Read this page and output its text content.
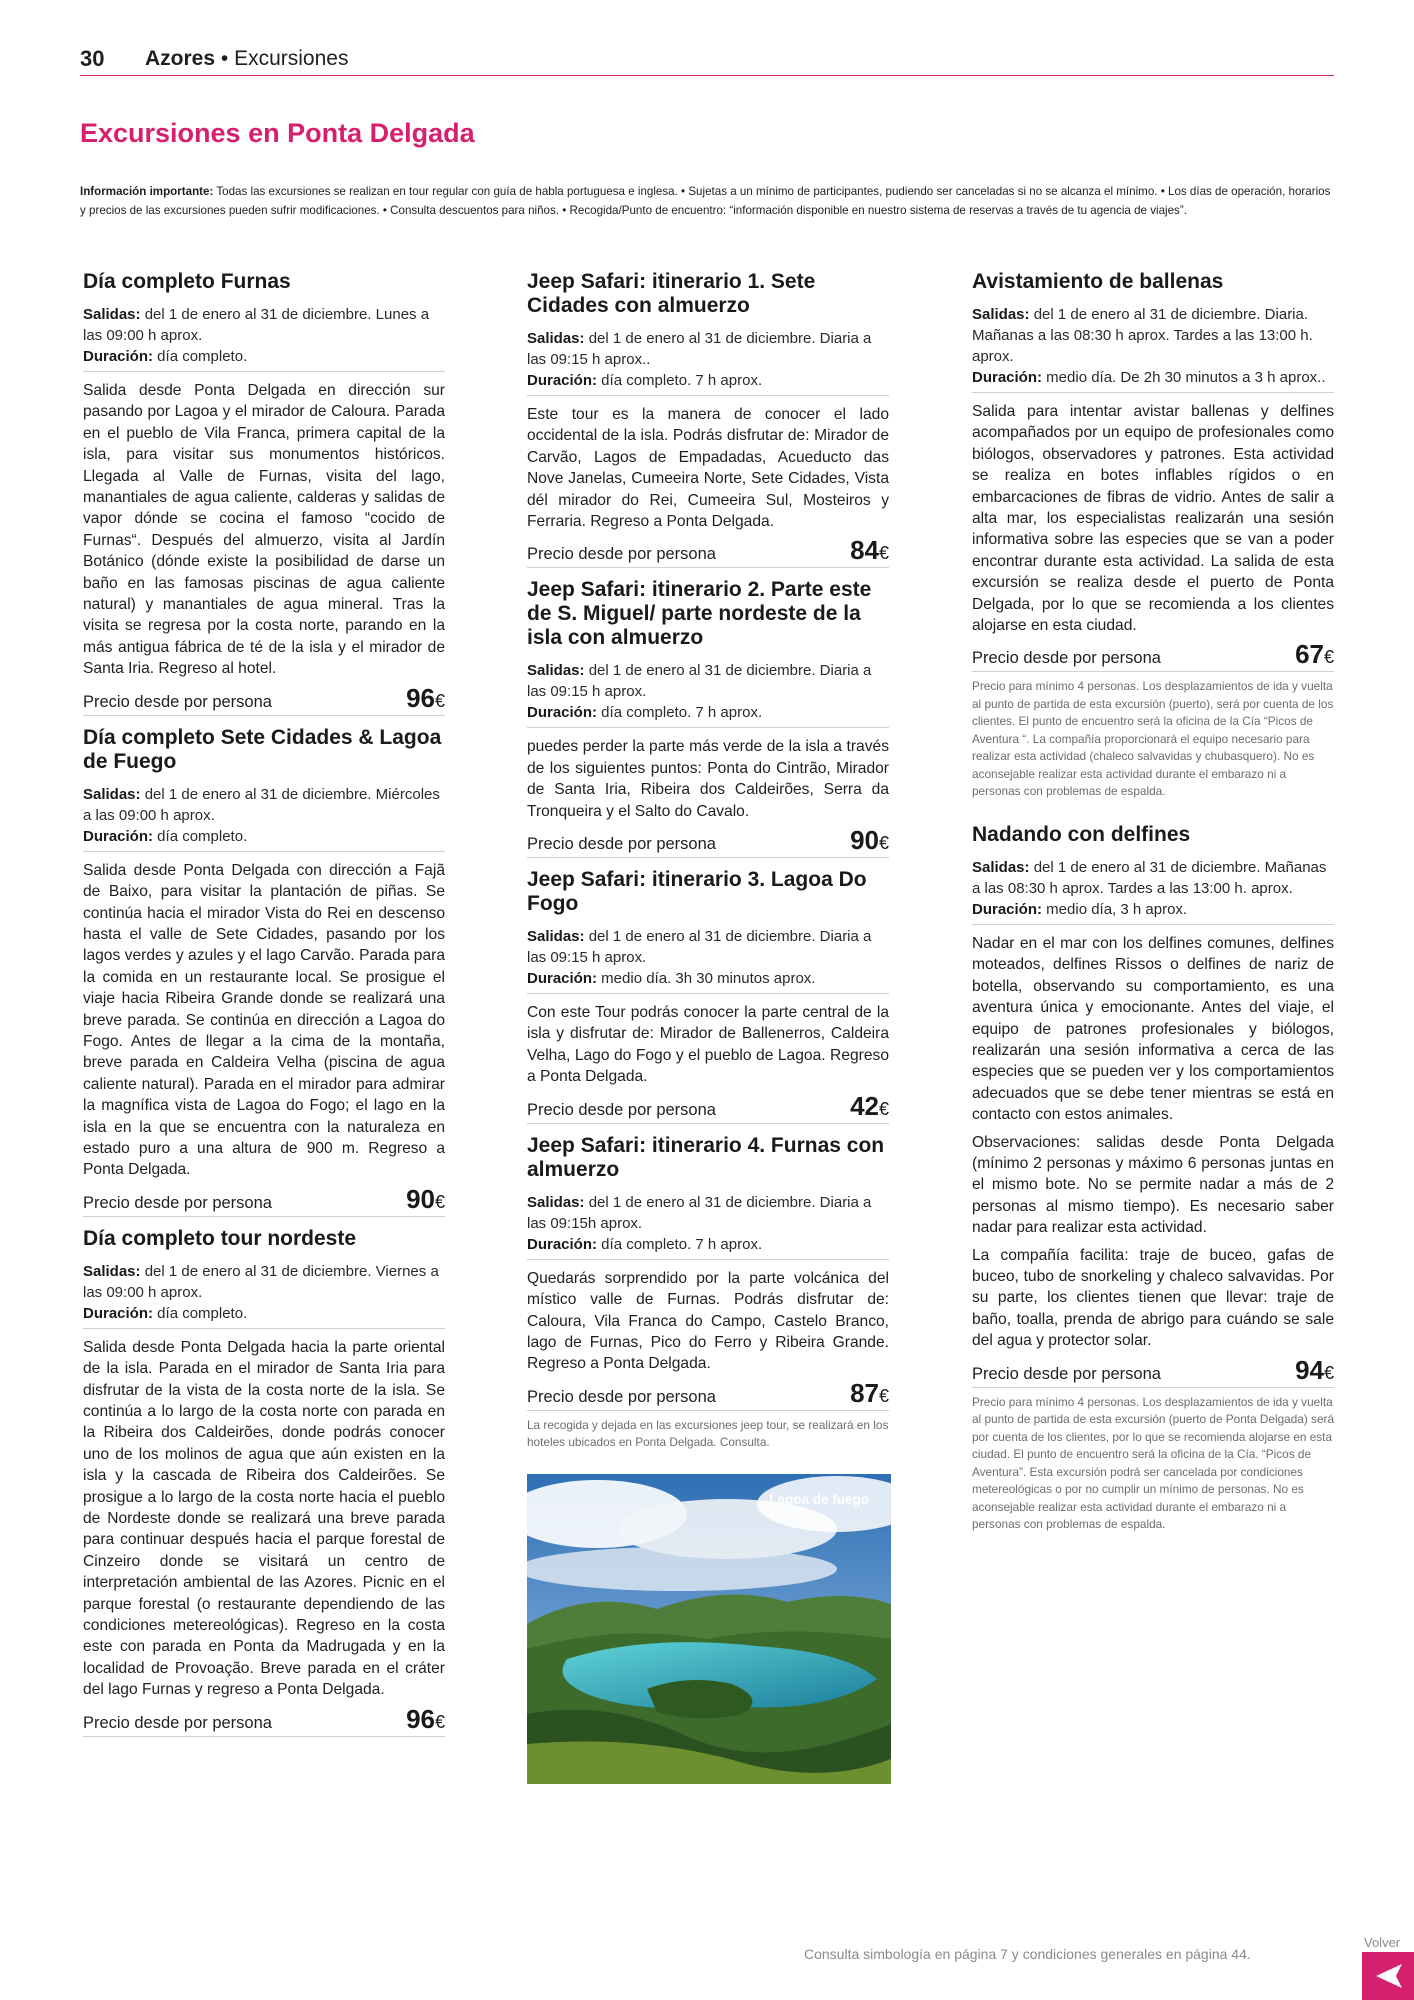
30 Azores • Excursiones
Excursiones en Ponta Delgada

Información importante: Todas las excursiones se realizan en tour regular con guía de habla portuguesa e inglesa. • Sujetas a un mínimo de participantes, pudiendo ser canceladas si no se alcanza el mínimo. • Los días de operación, horarios y precios de las excursiones pueden sufrir modificaciones. • Consulta descuentos para niños. • Recogida/Punto de encuentro: “información disponible en nuestro sistema de reservas a través de tu agencia de viajes”.

Día completo Furnas

Salidas: del 1 de enero al 31 de diciembre. Lunes a las 09:00 h aprox.

Duración: día completo.

Salida desde Ponta Delgada en dirección sur pasando por Lagoa y el mirador de Caloura. Parada en el pueblo de Vila Franca, primera capital de la isla, para visitar sus monumentos históricos. Llegada al Valle de Furnas, visita del lago, manantiales de agua caliente, calderas y salidas de vapor dónde se cocina el famoso “cocido de Furnas“. Después del almuerzo, visita al Jardín Botánico (dónde existe la posibilidad de darse un baño en las famosas piscinas de agua caliente natural) y manantiales de agua mineral. Tras la visita se regresa por la costa norte, parando en la más antigua fábrica de té de la isla y el mirador de Santa Iria. Regreso al hotel.

Precio desde por persona	96€
Día completo Sete Cidades & Lagoa de Fuego

Salidas: del 1 de enero al 31 de diciembre. Miércoles a las 09:00 h aprox.

Duración: día completo.

Salida desde Ponta Delgada con dirección a Fajã de Baixo, para visitar la plantación de piñas. Se continúa hacia el mirador Vista do Rei en descenso hasta el valle de Sete Cidades, pasando por los lagos verdes y azules y el lago Carvão. Parada para la comida en un restaurante local. Se prosigue el viaje hacia Ribeira Grande donde se realizará una breve parada. Se continúa en dirección a Lagoa do Fogo. Antes de llegar a la cima de la montaña, breve parada en Caldeira Velha (piscina de agua caliente natural). Parada en el mirador para admirar la magnífica vista de Lagoa do Fogo; el lago en la isla en la que se encuentra con la naturaleza en estado puro a una altura de 900 m. Regreso a Ponta Delgada.

Precio desde por persona	90€
Día completo tour nordeste

Salidas: del 1 de enero al 31 de diciembre. Viernes a las 09:00 h aprox.

Duración: día completo.

Salida desde Ponta Delgada hacia la parte oriental de la isla. Parada en el mirador de Santa Iria para disfrutar de la vista de la costa norte de la isla. Se continúa a lo largo de la costa norte con parada en la Ribeira dos Caldeirões, donde podrás conocer uno de los molinos de agua que aún existen en la isla y la cascada de Ribeira dos Caldeirões. Se prosigue a lo largo de la costa norte hacia el pueblo de Nordeste donde se realizará una breve parada para continuar después hacia el parque forestal de Cinzeiro donde se visitará un centro de interpretación ambiental de las Azores. Picnic en el parque forestal (o restaurante dependiendo de las condiciones metereológicas). Regreso en la costa este con parada en Ponta da Madrugada y en la localidad de Provoação. Breve parada en el cráter del lago Furnas y regreso a Ponta Delgada.

Precio desde por persona	96€
Jeep Safari: itinerario 1. Sete Cidades con almuerzo

Salidas: del 1 de enero al 31 de diciembre. Diaria a las 09:15 h aprox..

Duración: día completo. 7 h aprox.

Este tour es la manera de conocer el lado occidental de la isla. Podrás disfrutar de: Mirador de Carvão, Lagos de Empadadas, Acueducto das Nove Janelas, Cumeeira Norte, Sete Cidades, Vista dél mirador do Rei, Cumeeira Sul, Mosteiros y Ferraria. Regreso a Ponta Delgada.

Precio desde por persona	84€
Jeep Safari: itinerario 2. Parte este de S. Miguel/ parte nordeste de la isla con almuerzo

Salidas: del 1 de enero al 31 de diciembre. Diaria a las 09:15 h aprox.

Duración: día completo. 7 h aprox.

puedes perder la parte más verde de la isla a través de los siguientes puntos: Ponta do Cintrão, Mirador de Santa Iria, Ribeira dos Caldeirões, Serra da Tronqueira y el Salto do Cavalo.

Precio desde por persona	90€
Jeep Safari: itinerario 3. Lagoa Do Fogo

Salidas: del 1 de enero al 31 de diciembre. Diaria a las 09:15 h aprox.

Duración: medio día. 3h 30 minutos aprox.

Con este Tour podrás conocer la parte central de la isla y disfrutar de: Mirador de Ballenerros, Caldeira Velha, Lago do Fogo y el pueblo de Lagoa. Regreso a Ponta Delgada.

Precio desde por persona	42€
Jeep Safari: itinerario 4. Furnas con almuerzo

Salidas: del 1 de enero al 31 de diciembre. Diaria a las 09:15h aprox.

Duración: día completo. 7 h aprox.

Quedarás sorprendido por la parte volcánica del místico valle de Furnas. Podrás disfrutar de: Caloura, Vila Franca do Campo, Castelo Branco, lago de Furnas, Pico do Ferro y Ribeira Grande. Regreso a Ponta Delgada.

Precio desde por persona	87€

La recogida y dejada en las excursiones jeep tour, se realizará en los hoteles ubicados en Ponta Delgada. Consulta.

Lagoa de fuego
Avistamiento de ballenas

Salidas: del 1 de enero al 31 de diciembre. Diaria. Mañanas a las 08:30 h aprox. Tardes a las 13:00 h. aprox.

Duración: medio día. De 2h 30 minutos a 3 h aprox..

Salida para intentar avistar ballenas y delfines acompañados por un equipo de profesionales como biólogos, observadores y patrones. Esta actividad se realiza en botes inflables rígidos o en embarcaciones de fibras de vidrio. Antes de salir a alta mar, los especialistas realizarán una sesión informativa sobre las especies que se van a poder encontrar durante esta actividad. La salida de esta excursión se realiza desde el puerto de Ponta Delgada, por lo que se recomienda a los clientes alojarse en esta ciudad.

Precio desde por persona	67€

Precio para mínimo 4 personas. Los desplazamientos de ida y vuelta al punto de partida de esta excursión (puerto), será por cuenta de los clientes. El punto de encuentro será la oficina de la Cía “Picos de Aventura “. La compañía proporcionará el equipo necesario para realizar esta actividad (chaleco salvavidas y chubasquero). No es aconsejable realizar esta actividad durante el embarazo ni a personas con problemas de espalda.

Nadando con delfines

Salidas: del 1 de enero al 31 de diciembre. Mañanas a las 08:30 h aprox. Tardes a las 13:00 h. aprox.

Duración: medio día, 3 h aprox.

Nadar en el mar con los delfines comunes, delfines moteados, delfines Rissos o delfines de nariz de botella, observando su comportamiento, es una aventura única y emocionante. Antes del viaje, el equipo de patrones profesionales y biólogos, realizarán una sesión informativa a cerca de las especies que se pueden ver y los comportamientos adecuados que se debe tener mientras se está en contacto con estos animales.

Observaciones: salidas desde Ponta Delgada (mínimo 2 personas y máximo 6 personas juntas en el mismo bote. No se permite nadar a más de 2 personas al mismo tiempo). Es necesario saber nadar para realizar esta actividad.

La compañía facilita: traje de buceo, gafas de buceo, tubo de snorkeling y chaleco salvavidas. Por su parte, los clientes tienen que llevar: traje de baño, toalla, prenda de abrigo para cuándo se sale del agua y protector solar.

Precio desde por persona	94€

Precio para mínimo 4 personas. Los desplazamientos de ida y vuelta al punto de partida de esta excursión (puerto de Ponta Delgada) será por cuenta de los clientes, por lo que se recomienda alojarse en esta ciudad. El punto de encuentro será la oficina de la Cía. “Picos de Aventura”. Esta excursión podrá ser cancelada por condiciones metereológicas o por no cumplir un mínimo de personas. No es aconsejable realizar esta actividad durante el embarazo ni a personas con problemas de espalda.

Consulta simbología en página 7 y condiciones generales en página 44.

Volver
